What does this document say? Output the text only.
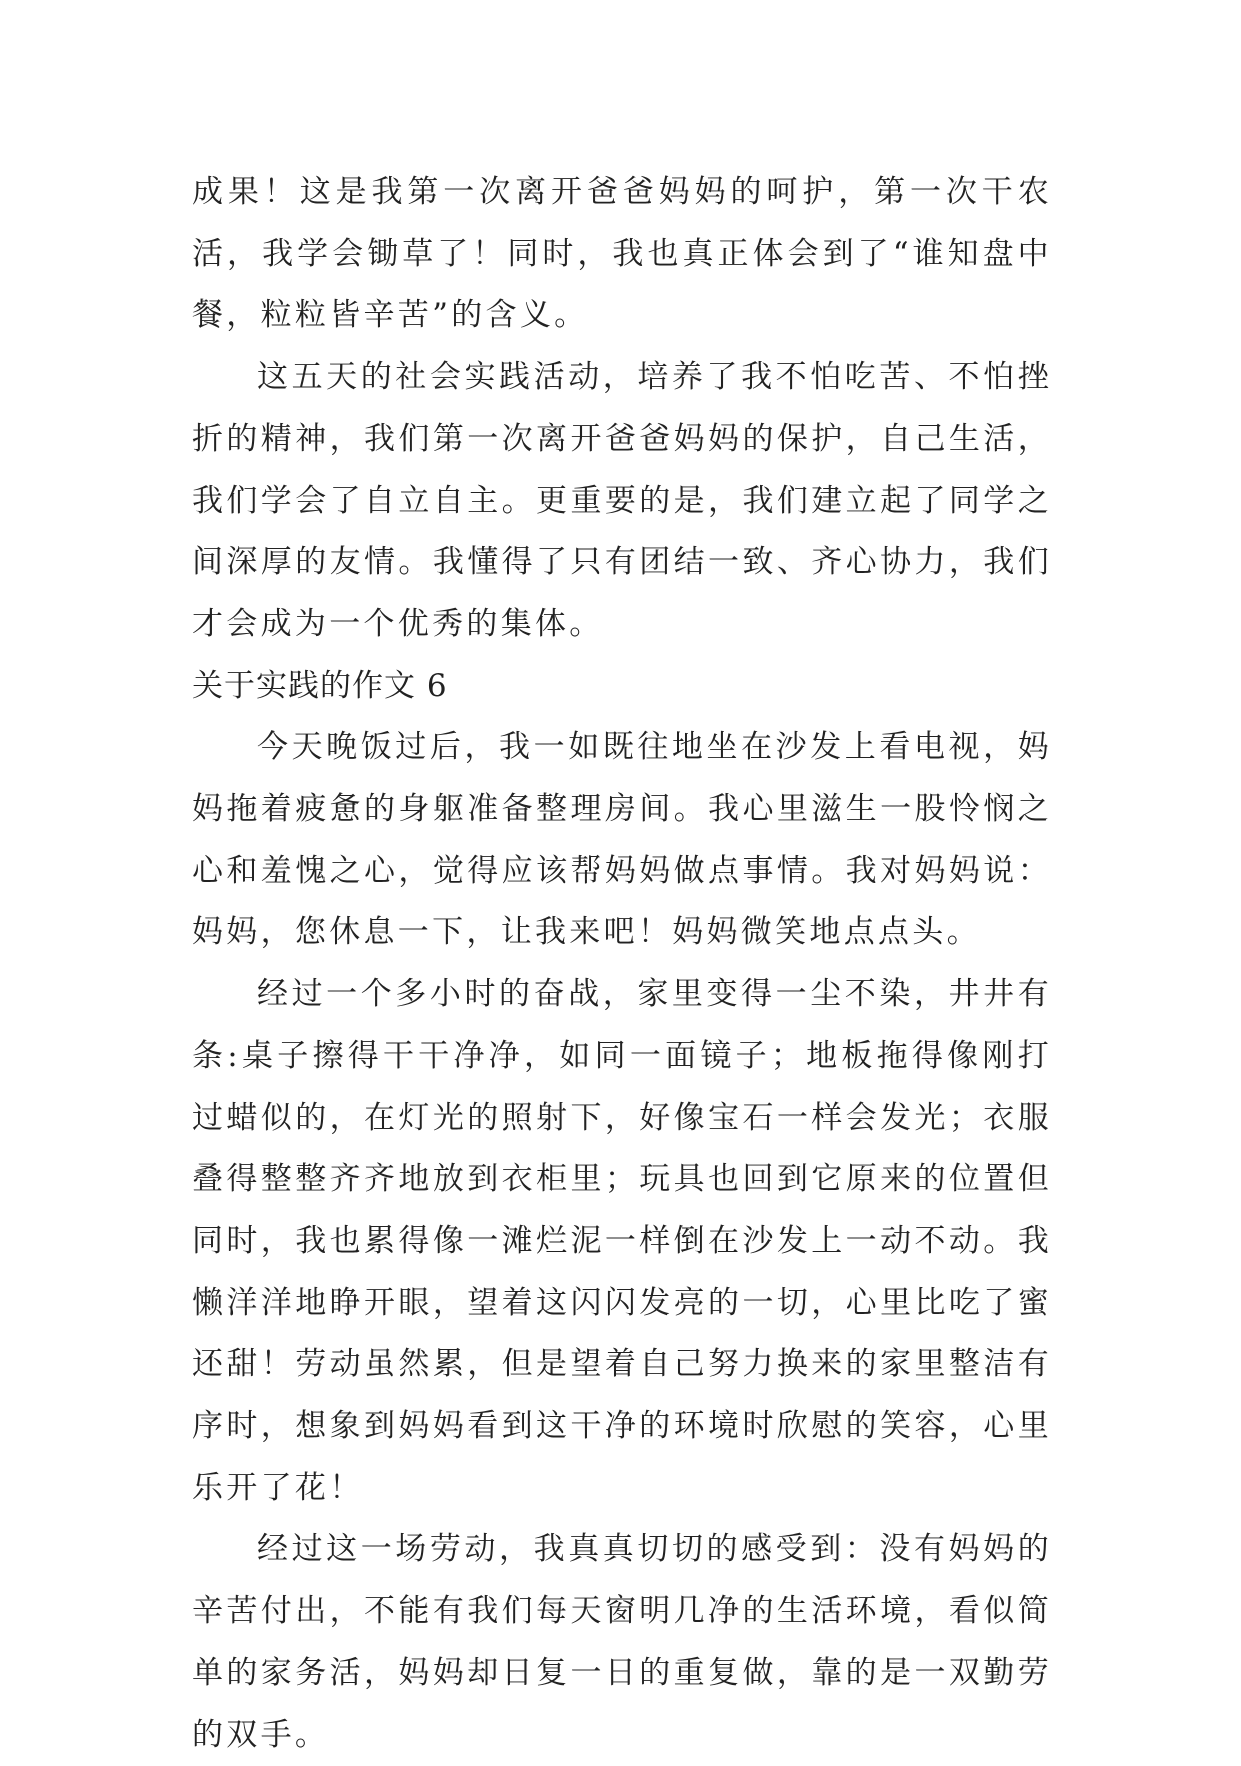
成果！这是我第一次离开爸爸妈妈的呵护，第一次干农活，我学会锄草了！同时，我也真正体会到了“谁知盘中餐，粒粒皆辛苦”的含义。

这五天的社会实践活动，培养了我不怕吃苦、不怕挫折的精神，我们第一次离开爸爸妈妈的保护，自己生活，我们学会了自立自主。更重要的是，我们建立起了同学之间深厚的友情。我懂得了只有团结一致、齐心协力，我们才会成为一个优秀的集体。

关于实践的作文 6

今天晚饭过后，我一如既往地坐在沙发上看电视，妈妈拖着疲惫的身躯准备整理房间。我心里滋生一股怜悯之心和羞愧之心，觉得应该帮妈妈做点事情。我对妈妈说：妈妈，您休息一下，让我来吧！妈妈微笑地点点头。

经过一个多小时的奋战，家里变得一尘不染，井井有条:桌子擦得干干净净，如同一面镜子；地板拖得像刚打过蜡似的，在灯光的照射下，好像宝石一样会发光；衣服叠得整整齐齐地放到衣柜里；玩具也回到它原来的位置但同时，我也累得像一滩烂泥一样倒在沙发上一动不动。我懒洋洋地睁开眼，望着这闪闪发亮的一切，心里比吃了蜜还甜！劳动虽然累，但是望着自己努力换来的家里整洁有序时，想象到妈妈看到这干净的环境时欣慰的笑容，心里乐开了花！

经过这一场劳动，我真真切切的感受到：没有妈妈的辛苦付出，不能有我们每天窗明几净的生活环境，看似简单的家务活，妈妈却日复一日的重复做，靠的是一双勤劳的双手。
